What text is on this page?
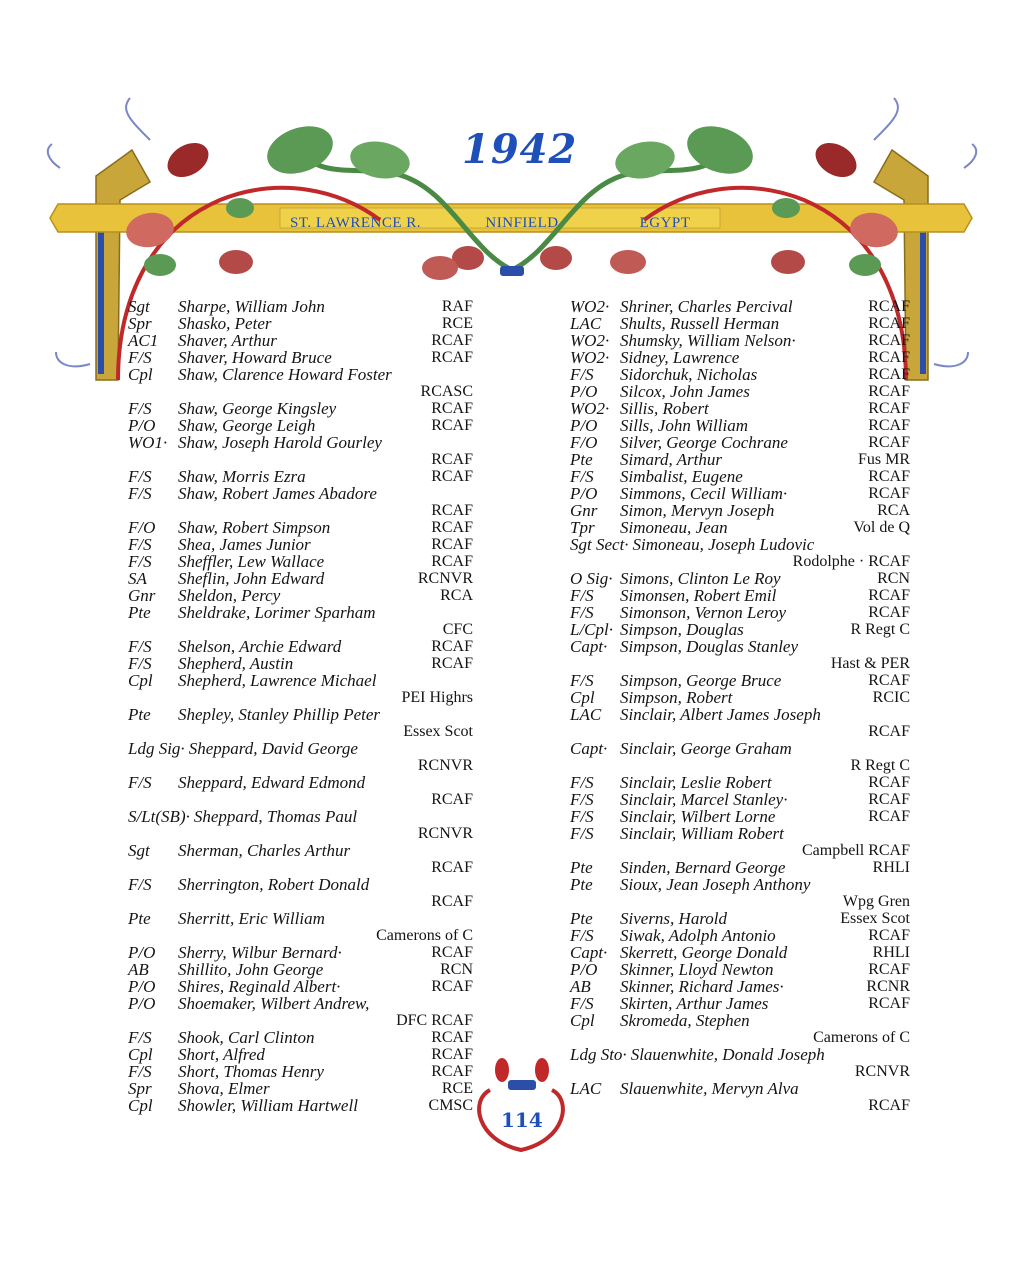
1942
ST. LAWRENCE R.	NINFIELD	EGYPT
Sgt Sharpe, William John	RAF
Spr Shasko, Peter	RCE
AC1 Shaver, Arthur	RCAF
F/S Shaver, Howard Bruce	RCAF
Cpl Shaw, Clarence Howard Foster
RCASC
F/S Shaw, George Kingsley	RCAF
P/O Shaw, George Leigh	RCAF
WO1· Shaw, Joseph Harold Gourley
RCAF
F/S Shaw, Morris Ezra	RCAF
F/S Shaw, Robert James Abadore
RCAF
F/O Shaw, Robert Simpson	RCAF
F/S Shea, James Junior	RCAF
F/S Sheffler, Lew Wallace	RCAF
SA Sheflin, John Edward	RCNVR
Gnr Sheldon, Percy	RCA
Pte Sheldrake, Lorimer Sparham
CFC
F/S Shelson, Archie Edward	RCAF
F/S Shepherd, Austin	RCAF
Cpl Shepherd, Lawrence Michael
PEI Highrs
Pte Shepley, Stanley Phillip Peter
Essex Scot
Ldg Sig· Sheppard, David George
RCNVR
F/S Sheppard, Edward Edmond
RCAF
S/Lt(SB)· Sheppard, Thomas Paul
RCNVR
Sgt Sherman, Charles Arthur
RCAF
F/S Sherrington, Robert Donald
RCAF
Pte Sherritt, Eric William
Camerons of C
P/O Sherry, Wilbur Bernard·	RCAF
AB Shillito, John George	RCN
P/O Shires, Reginald Albert·	RCAF
P/O Shoemaker, Wilbert Andrew,
DFC RCAF
F/S Shook, Carl Clinton	RCAF
Cpl Short, Alfred	RCAF
F/S Short, Thomas Henry	RCAF
Spr Shova, Elmer	RCE
Cpl Showler, William Hartwell	CMSC
WO2· Shriner, Charles Percival	RCAF
LAC Shults, Russell Herman	RCAF
WO2· Shumsky, William Nelson·	RCAF
WO2· Sidney, Lawrence	RCAF
F/S Sidorchuk, Nicholas	RCAF
P/O Silcox, John James	RCAF
WO2· Sillis, Robert	RCAF
P/O Sills, John William	RCAF
F/O Silver, George Cochrane	RCAF
Pte Simard, Arthur	Fus MR
F/S Simbalist, Eugene	RCAF
P/O Simmons, Cecil William·	RCAF
Gnr Simon, Mervyn Joseph	RCA
Tpr Simoneau, Jean	Vol de Q
Sgt Sect· Simoneau, Joseph Ludovic
Rodolphe · RCAF
O Sig· Simons, Clinton Le Roy	RCN
F/S Simonsen, Robert Emil	RCAF
F/S Simonson, Vernon Leroy	RCAF
L/Cpl· Simpson, Douglas	R Regt C
Capt· Simpson, Douglas Stanley
Hast & PER
F/S Simpson, George Bruce	RCAF
Cpl Simpson, Robert	RCIC
LAC Sinclair, Albert James Joseph
RCAF
Capt· Sinclair, George Graham
R Regt C
F/S Sinclair, Leslie Robert	RCAF
F/S Sinclair, Marcel Stanley·	RCAF
F/S Sinclair, Wilbert Lorne	RCAF
F/S Sinclair, William Robert
Campbell RCAF
Pte Sinden, Bernard George	RHLI
Pte Sioux, Jean Joseph Anthony
Wpg Gren
Pte Siverns, Harold	Essex Scot
F/S Siwak, Adolph Antonio	RCAF
Capt· Skerrett, George Donald	RHLI
P/O Skinner, Lloyd Newton	RCAF
AB Skinner, Richard James·	RCNR
F/S Skirten, Arthur James	RCAF
Cpl Skromeda, Stephen
Camerons of C
Ldg Sto· Slauenwhite, Donald Joseph
RCNVR
LAC Slauenwhite, Mervyn Alva
RCAF
114
